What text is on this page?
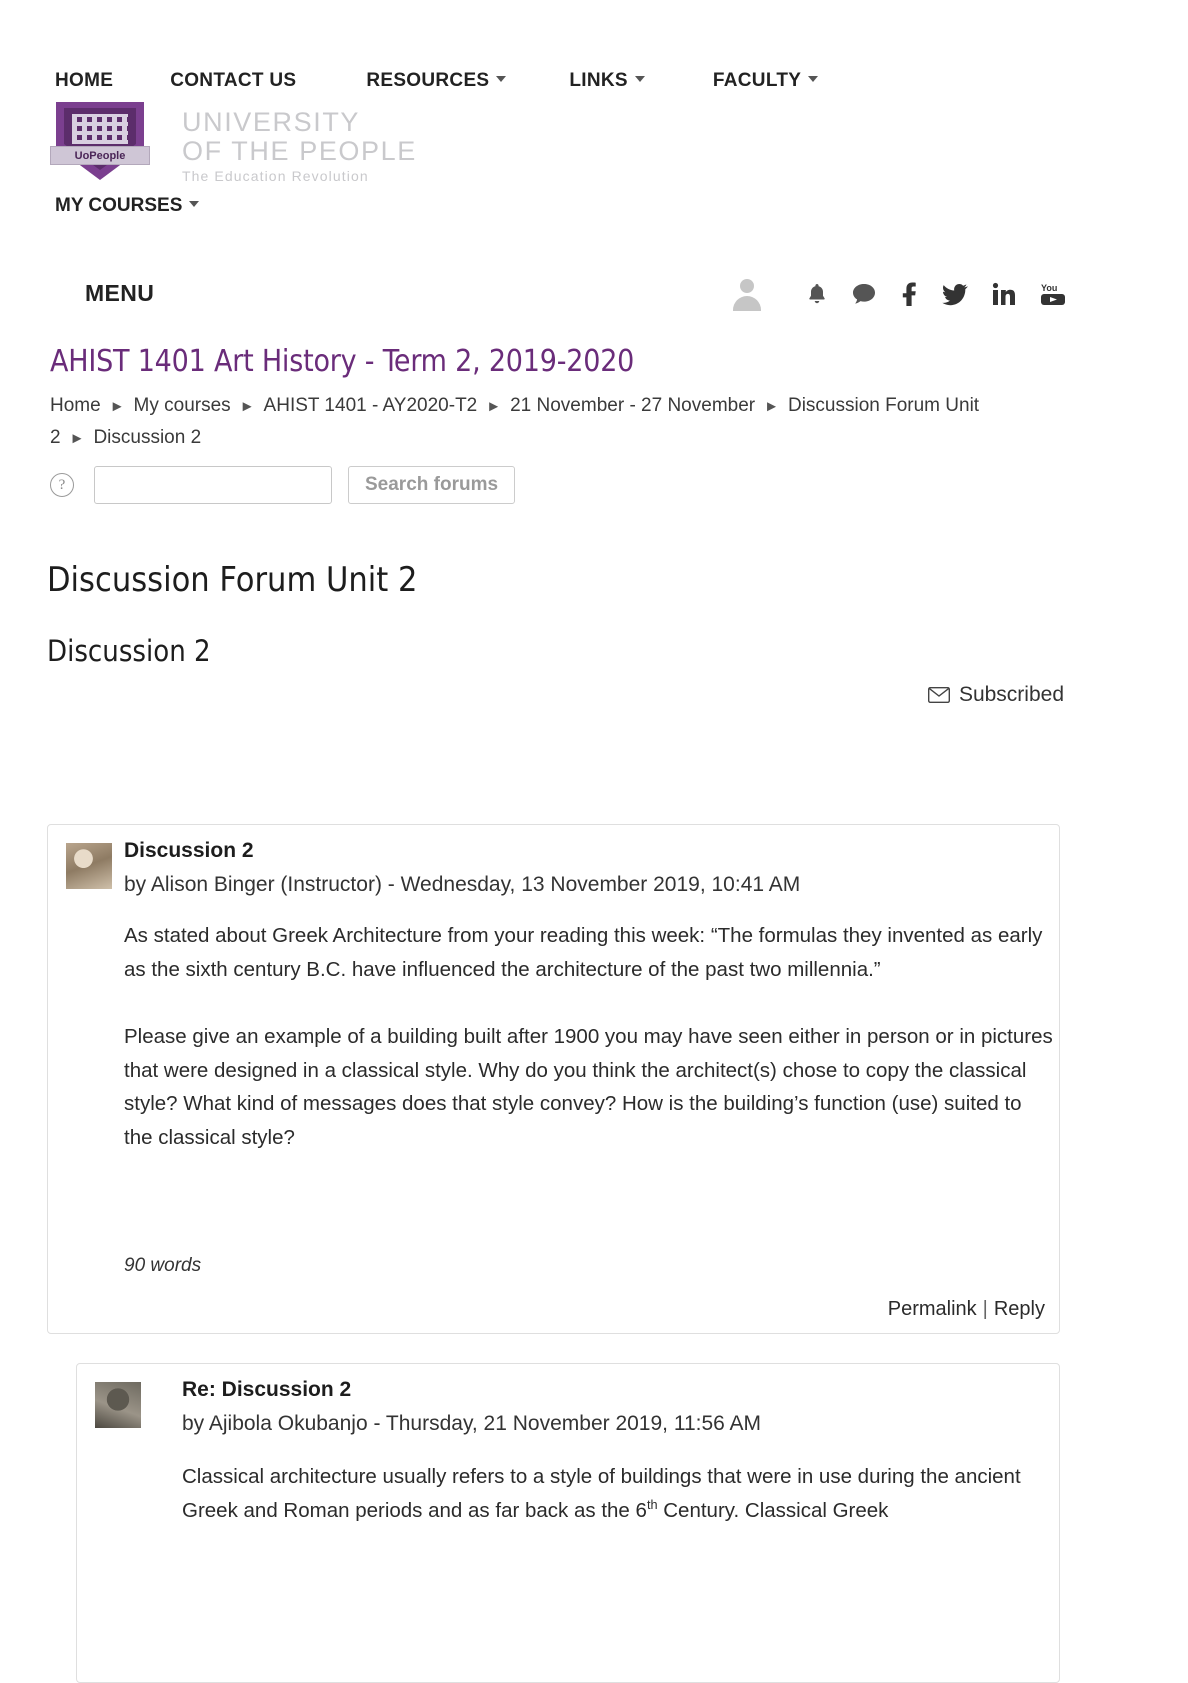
HOME	CONTACT US	RESOURCES	LINKS	FACULTY
UoPeople
UNIVERSITY
OF THE PEOPLE
The Education Revolution
MY COURSES
MENU	You
AHIST 1401 Art History - Term 2, 2019-2020
Home ► My courses ► AHIST 1401 - AY2020-T2 ► 21 November - 27 November ► Discussion Forum Unit 2 ► Discussion 2
?	Search forums
Discussion Forum Unit 2
Discussion 2
Subscribed
Discussion 2
by Alison Binger (Instructor) - Wednesday, 13 November 2019, 10:41 AM

As stated about Greek Architecture from your reading this week: “The formulas they invented as early as the sixth century B.C. have influenced the architecture of the past two millennia.”

Please give an example of a building built after 1900 you may have seen either in person or in pictures that were designed in a classical style. Why do you think the architect(s) chose to copy the classical style? What kind of messages does that style convey? How is the building’s function (use) suited to the classical style?

90 words
Permalink | Reply
Re: Discussion 2
by Ajibola Okubanjo - Thursday, 21 November 2019, 11:56 AM

Classical architecture usually refers to a style of buildings that were in use during the ancient Greek and Roman periods and as far back as the 6th Century. Classical Greek
